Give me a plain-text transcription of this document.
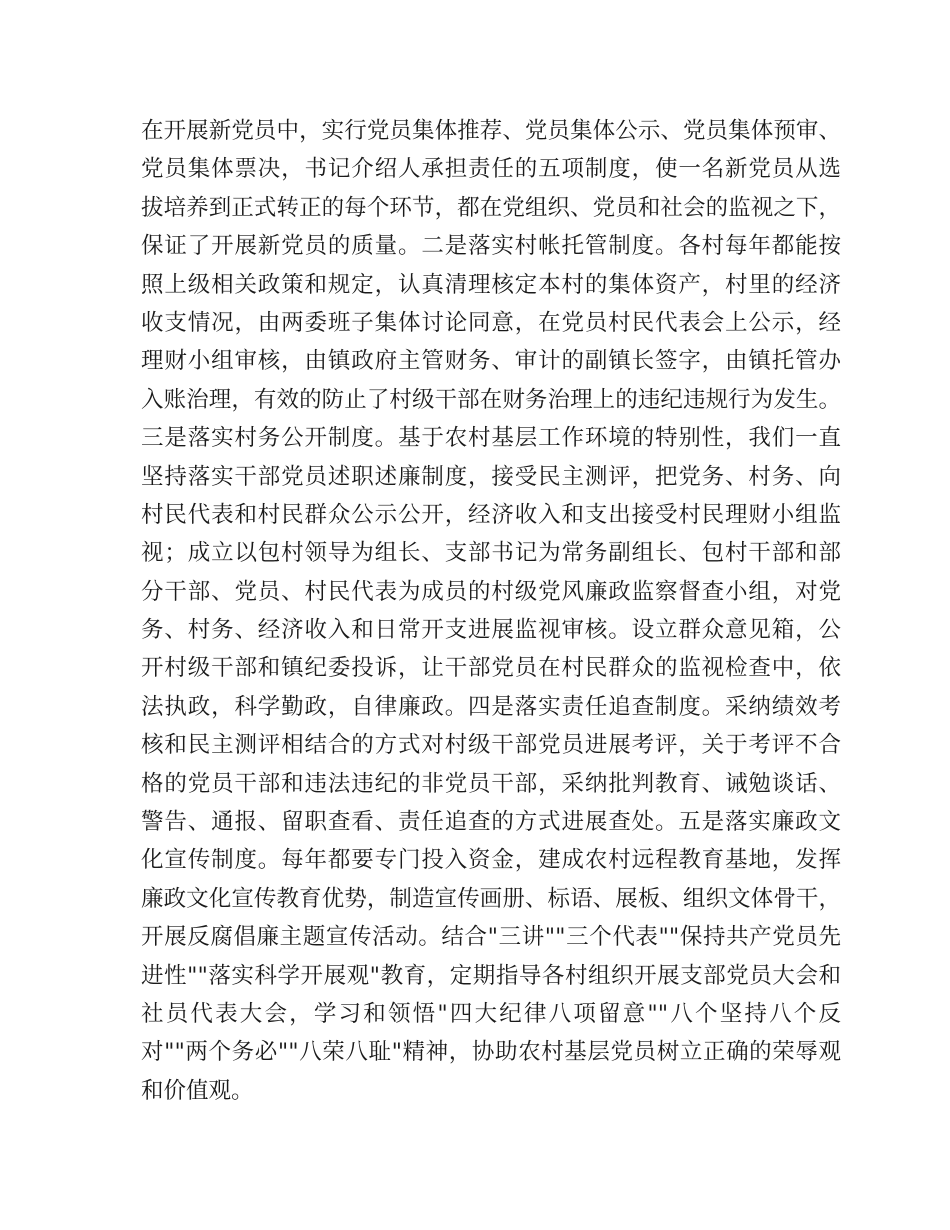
在开展新党员中，实行党员集体推荐、党员集体公示、党员集体预审、
党员集体票决，书记介绍人承担责任的五项制度，使一名新党员从选
拔培养到正式转正的每个环节，都在党组织、党员和社会的监视之下，
保证了开展新党员的质量。二是落实村帐托管制度。各村每年都能按
照上级相关政策和规定，认真清理核定本村的集体资产，村里的经济
收支情况，由两委班子集体讨论同意，在党员村民代表会上公示，经
理财小组审核，由镇政府主管财务、审计的副镇长签字，由镇托管办
入账治理，有效的防止了村级干部在财务治理上的违纪违规行为发生。
三是落实村务公开制度。基于农村基层工作环境的特别性，我们一直
坚持落实干部党员述职述廉制度，接受民主测评，把党务、村务、向
村民代表和村民群众公示公开，经济收入和支出接受村民理财小组监
视；成立以包村领导为组长、支部书记为常务副组长、包村干部和部
分干部、党员、村民代表为成员的村级党风廉政监察督查小组，对党
务、村务、经济收入和日常开支进展监视审核。设立群众意见箱，公
开村级干部和镇纪委投诉，让干部党员在村民群众的监视检查中，依
法执政，科学勤政，自律廉政。四是落实责任追查制度。采纳绩效考
核和民主测评相结合的方式对村级干部党员进展考评，关于考评不合
格的党员干部和违法违纪的非党员干部，采纳批判教育、诫勉谈话、
警告、通报、留职查看、责任追查的方式进展查处。五是落实廉政文
化宣传制度。每年都要专门投入资金，建成农村远程教育基地，发挥
廉政文化宣传教育优势，制造宣传画册、标语、展板、组织文体骨干，
开展反腐倡廉主题宣传活动。结合"三讲""三个代表""保持共产党员先
进性""落实科学开展观"教育，定期指导各村组织开展支部党员大会和
社员代表大会，学习和领悟"四大纪律八项留意""八个坚持八个反
对""两个务必""八荣八耻"精神，协助农村基层党员树立正确的荣辱观
和价值观。
